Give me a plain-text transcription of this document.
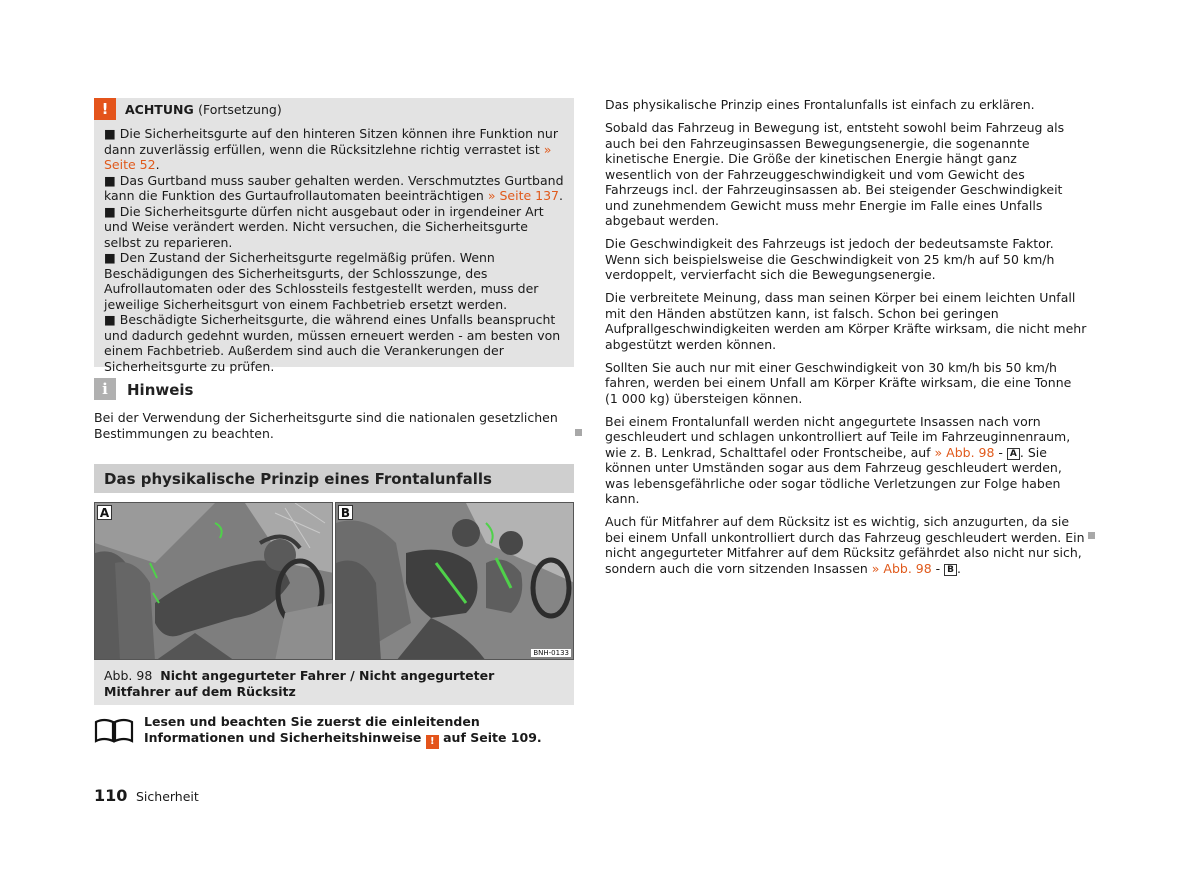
!	ACHTUNG (Fortsetzung)

■ Die Sicherheitsgurte auf den hinteren Sitzen können ihre Funktion nur dann zuverlässig erfüllen, wenn die Rücksitzlehne richtig verrastet ist » Seite 52.

■ Das Gurtband muss sauber gehalten werden. Verschmutztes Gurtband kann die Funktion des Gurtaufrollautomaten beeinträchtigen » Seite 137.

■ Die Sicherheitsgurte dürfen nicht ausgebaut oder in irgendeiner Art und Weise verändert werden. Nicht versuchen, die Sicherheitsgurte selbst zu reparieren.

■ Den Zustand der Sicherheitsgurte regelmäßig prüfen. Wenn Beschädigungen des Sicherheitsgurts, der Schlosszunge, des Aufrollautomaten oder des Schlossteils festgestellt werden, muss der jeweilige Sicherheitsgurt von einem Fachbetrieb ersetzt werden.

■ Beschädigte Sicherheitsgurte, die während eines Unfalls beansprucht und dadurch gedehnt wurden, müssen erneuert werden - am besten von einem Fachbetrieb. Außerdem sind auch die Verankerungen der Sicherheitsgurte zu prüfen.

i	Hinweis
Bei der Verwendung der Sicherheitsgurte sind die nationalen gesetzlichen Bestimmungen zu beachten.
Das physikalische Prinzip eines Frontalunfalls
A	B
BNH-0133
Abb. 98 Nicht angegurteter Fahrer / Nicht angegurteter Mitfahrer auf dem Rücksitz
Lesen und beachten Sie zuerst die einleitenden Informationen und Sicherheitshinweise ! auf Seite 109.

Das physikalische Prinzip eines Frontalunfalls ist einfach zu erklären.

Sobald das Fahrzeug in Bewegung ist, entsteht sowohl beim Fahrzeug als auch bei den Fahrzeuginsassen Bewegungsenergie, die sogenannte kinetische Energie. Die Größe der kinetischen Energie hängt ganz wesentlich von der Fahrzeuggeschwindigkeit und vom Gewicht des Fahrzeugs incl. der Fahrzeuginsassen ab. Bei steigender Geschwindigkeit und zunehmendem Gewicht muss mehr Energie im Falle eines Unfalls abgebaut werden.

Die Geschwindigkeit des Fahrzeugs ist jedoch der bedeutsamste Faktor. Wenn sich beispielsweise die Geschwindigkeit von 25 km/h auf 50 km/h verdoppelt, vervierfacht sich die Bewegungsenergie.

Die verbreitete Meinung, dass man seinen Körper bei einem leichten Unfall mit den Händen abstützen kann, ist falsch. Schon bei geringen Aufprallgeschwindigkeiten werden am Körper Kräfte wirksam, die nicht mehr abgestützt werden können.

Sollten Sie auch nur mit einer Geschwindigkeit von 30 km/h bis 50 km/h fahren, werden bei einem Unfall am Körper Kräfte wirksam, die eine Tonne (1 000 kg) übersteigen können.

Bei einem Frontalunfall werden nicht angegurtete Insassen nach vorn geschleudert und schlagen unkontrolliert auf Teile im Fahrzeuginnenraum, wie z. B. Lenkrad, Schalttafel oder Frontscheibe, auf » Abb. 98 - A . Sie können unter Umständen sogar aus dem Fahrzeug geschleudert werden, was lebensgefährliche oder sogar tödliche Verletzungen zur Folge haben kann.

Auch für Mitfahrer auf dem Rücksitz ist es wichtig, sich anzugurten, da sie bei einem Unfall unkontrolliert durch das Fahrzeug geschleudert werden. Ein nicht angegurteter Mitfahrer auf dem Rücksitz gefährdet also nicht nur sich, sondern auch die vorn sitzenden Insassen » Abb. 98 - B .

110 Sicherheit
